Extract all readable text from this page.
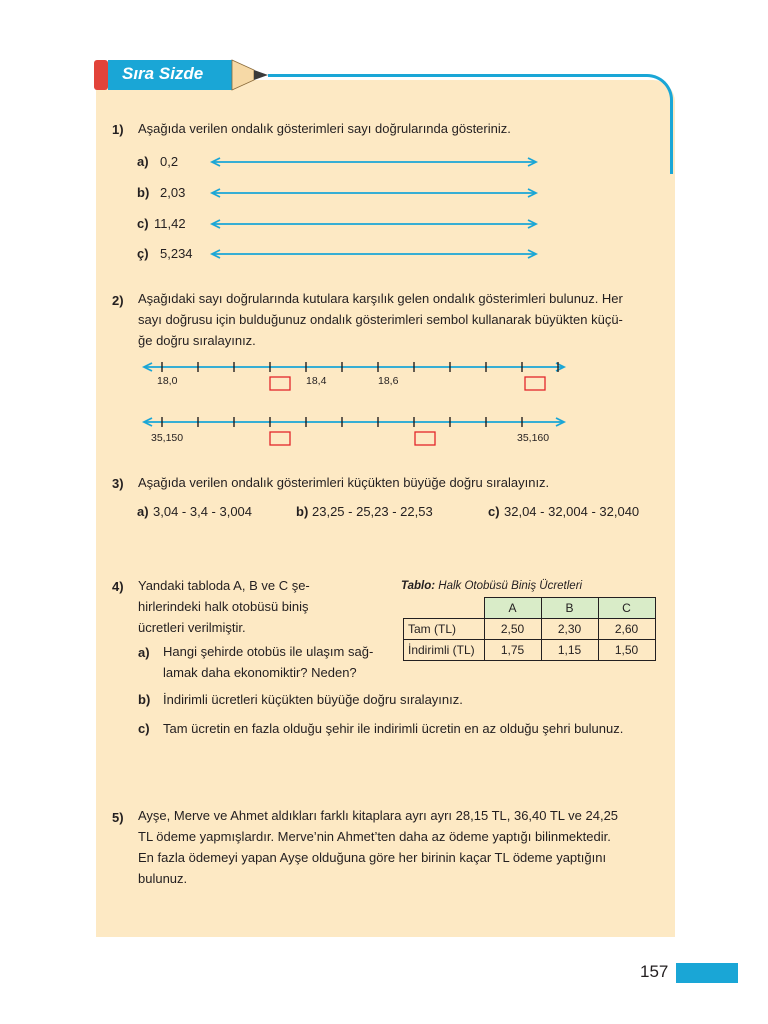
Sıra Sizde
1) Aşağıda verilen ondalık gösterimleri sayı doğrularında gösteriniz.
a) 0,2
b) 2,03
c) 11,42
ç) 5,234
2) Aşağıdaki sayı doğrularında kutulara karşılık gelen ondalık gösterimleri bulunuz. Her
sayı doğrusu için bulduğunuz ondalık gösterimleri sembol kullanarak büyükten küçü-
ğe doğru sıralayınız.
18,0	18,4	18,6
35,150	35,160
3) Aşağıda verilen ondalık gösterimleri küçükten büyüğe doğru sıralayınız.
a) 3,04 - 3,4 - 3,004	b) 23,25 - 25,23 - 22,53	c) 32,04 - 32,004 - 32,040
4) Yandaki tabloda A, B ve C şe-
hirlerindeki halk otobüsü biniş
ücretleri verilmiştir.
a) Hangi şehirde otobüs ile ulaşım sağ-
lamak daha ekonomiktir? Neden?
b) İndirimli ücretleri küçükten büyüğe doğru sıralayınız.
c) Tam ücretin en fazla olduğu şehir ile indirimli ücretin en az olduğu şehri bulunuz.
Tablo: Halk Otobüsü Biniş Ücretleri
	A	B	C
Tam (TL)	2,50	2,30	2,60
İndirimli (TL)	1,75	1,15	1,50
5) Ayşe, Merve ve Ahmet aldıkları farklı kitaplara ayrı ayrı 28,15 TL, 36,40 TL ve 24,25
TL ödeme yapmışlardır. Merve’nin Ahmet’ten daha az ödeme yaptığı bilinmektedir.
En fazla ödemeyi yapan Ayşe olduğuna göre her birinin kaçar TL ödeme yaptığını
bulunuz.
157
